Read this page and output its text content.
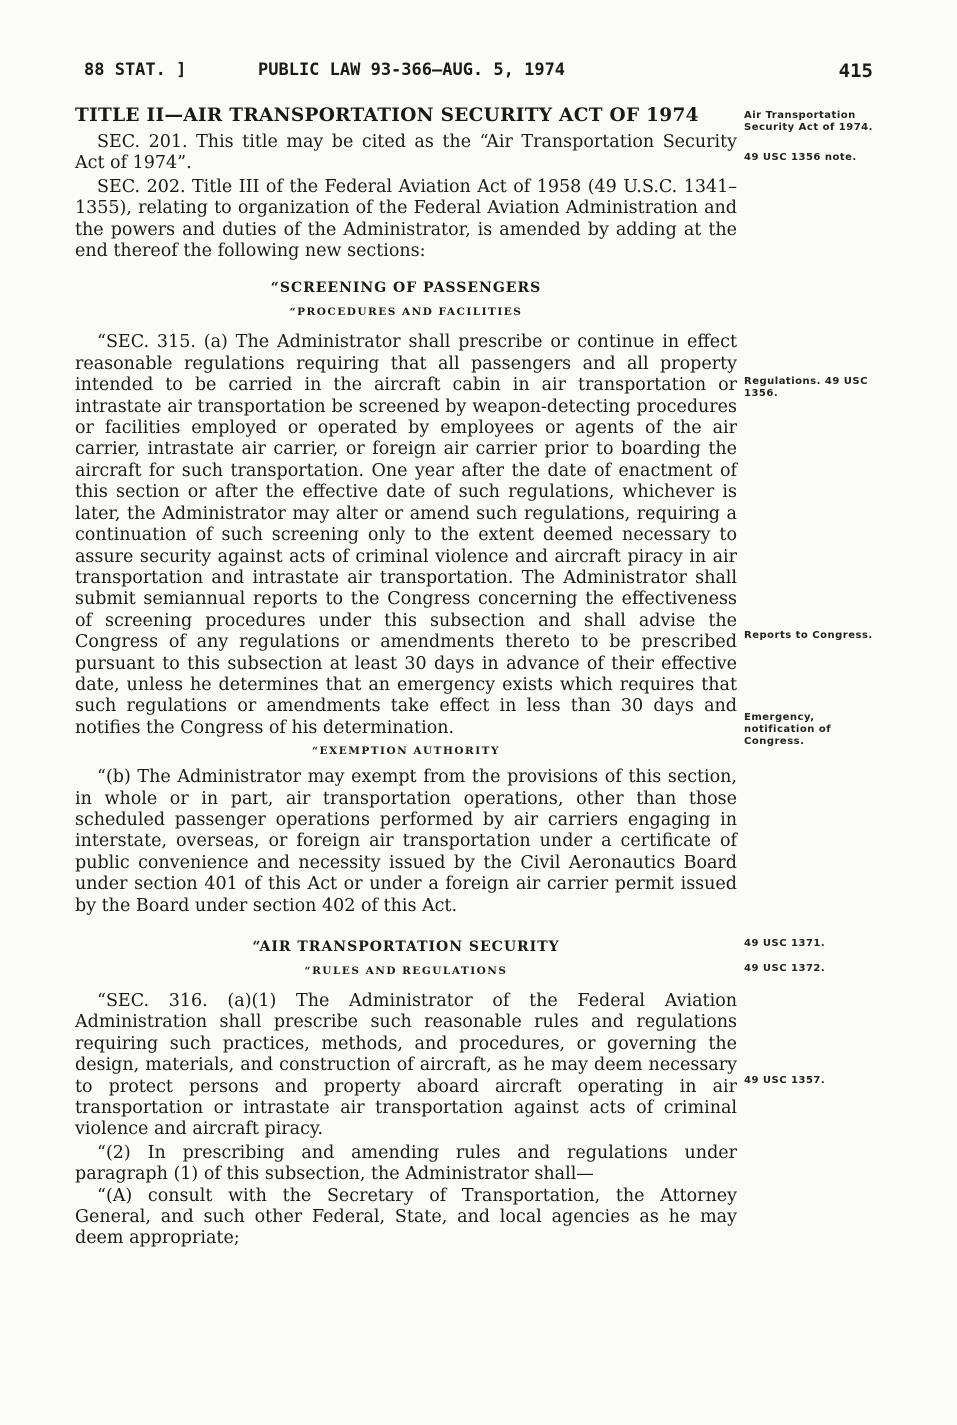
88 STAT. ]	PUBLIC LAW 93-366–AUG. 5, 1974	415
TITLE II—AIR TRANSPORTATION SECURITY ACT OF 1974

SEC. 201. This title may be cited as the “Air Transportation Security Act of 1974”.

SEC. 202. Title III of the Federal Aviation Act of 1958 (49 U.S.C. 1341–1355), relating to organization of the Federal Aviation Administration and the powers and duties of the Administrator, is amended by adding at the end thereof the following new sections:

“SCREENING OF PASSENGERS
“PROCEDURES AND FACILITIES

“SEC. 315. (a) The Administrator shall prescribe or continue in effect reasonable regulations requiring that all passengers and all property intended to be carried in the aircraft cabin in air transportation or intrastate air transportation be screened by weapon-detecting procedures or facilities employed or operated by employees or agents of the air carrier, intrastate air carrier, or foreign air carrier prior to boarding the aircraft for such transportation. One year after the date of enactment of this section or after the effective date of such regulations, whichever is later, the Administrator may alter or amend such regulations, requiring a continuation of such screening only to the extent deemed necessary to assure security against acts of criminal violence and aircraft piracy in air transportation and intrastate air transportation. The Administrator shall submit semiannual reports to the Congress concerning the effectiveness of screening procedures under this subsection and shall advise the Congress of any regulations or amendments thereto to be prescribed pursuant to this subsection at least 30 days in advance of their effective date, unless he determines that an emergency exists which requires that such regulations or amendments take effect in less than 30 days and notifies the Congress of his determination.

“EXEMPTION AUTHORITY

“(b) The Administrator may exempt from the provisions of this section, in whole or in part, air transportation operations, other than those scheduled passenger operations performed by air carriers engaging in interstate, overseas, or foreign air transportation under a certificate of public convenience and necessity issued by the Civil Aeronautics Board under section 401 of this Act or under a foreign air carrier permit issued by the Board under section 402 of this Act.

“AIR TRANSPORTATION SECURITY
“RULES AND REGULATIONS

“SEC. 316. (a)(1) The Administrator of the Federal Aviation Administration shall prescribe such reasonable rules and regulations requiring such practices, methods, and procedures, or governing the design, materials, and construction of aircraft, as he may deem necessary to protect persons and property aboard aircraft operating in air transportation or intrastate air transportation against acts of criminal violence and aircraft piracy.

“(2) In prescribing and amending rules and regulations under paragraph (1) of this subsection, the Administrator shall—

“(A) consult with the Secretary of Transportation, the Attorney General, and such other Federal, State, and local agencies as he may deem appropriate;

Air Transportation Security Act of 1974.
49 USC 1356 note.
Regulations. 49 USC 1356.
Reports to Congress.
Emergency, notification of Congress.
49 USC 1371.
49 USC 1372.
49 USC 1357.
